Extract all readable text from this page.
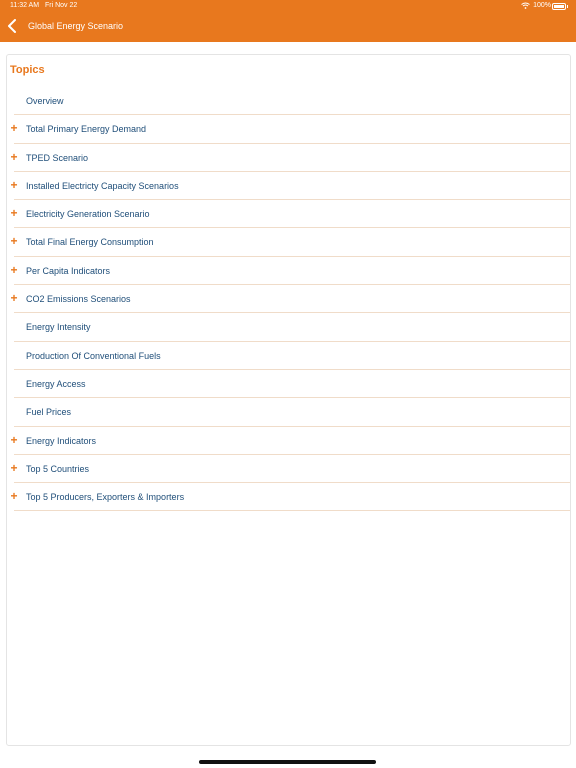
11:32 AM Fri Nov 22	100%
Global Energy Scenario
Topics
Overview
+ Total Primary Energy Demand
+ TPED Scenario
+ Installed Electricty Capacity Scenarios
+ Electricity Generation Scenario
+ Total Final Energy Consumption
+ Per Capita Indicators
+ CO2 Emissions Scenarios
Energy Intensity
Production Of Conventional Fuels
Energy Access
Fuel Prices
+ Energy Indicators
+ Top 5 Countries
+ Top 5 Producers, Exporters & Importers
